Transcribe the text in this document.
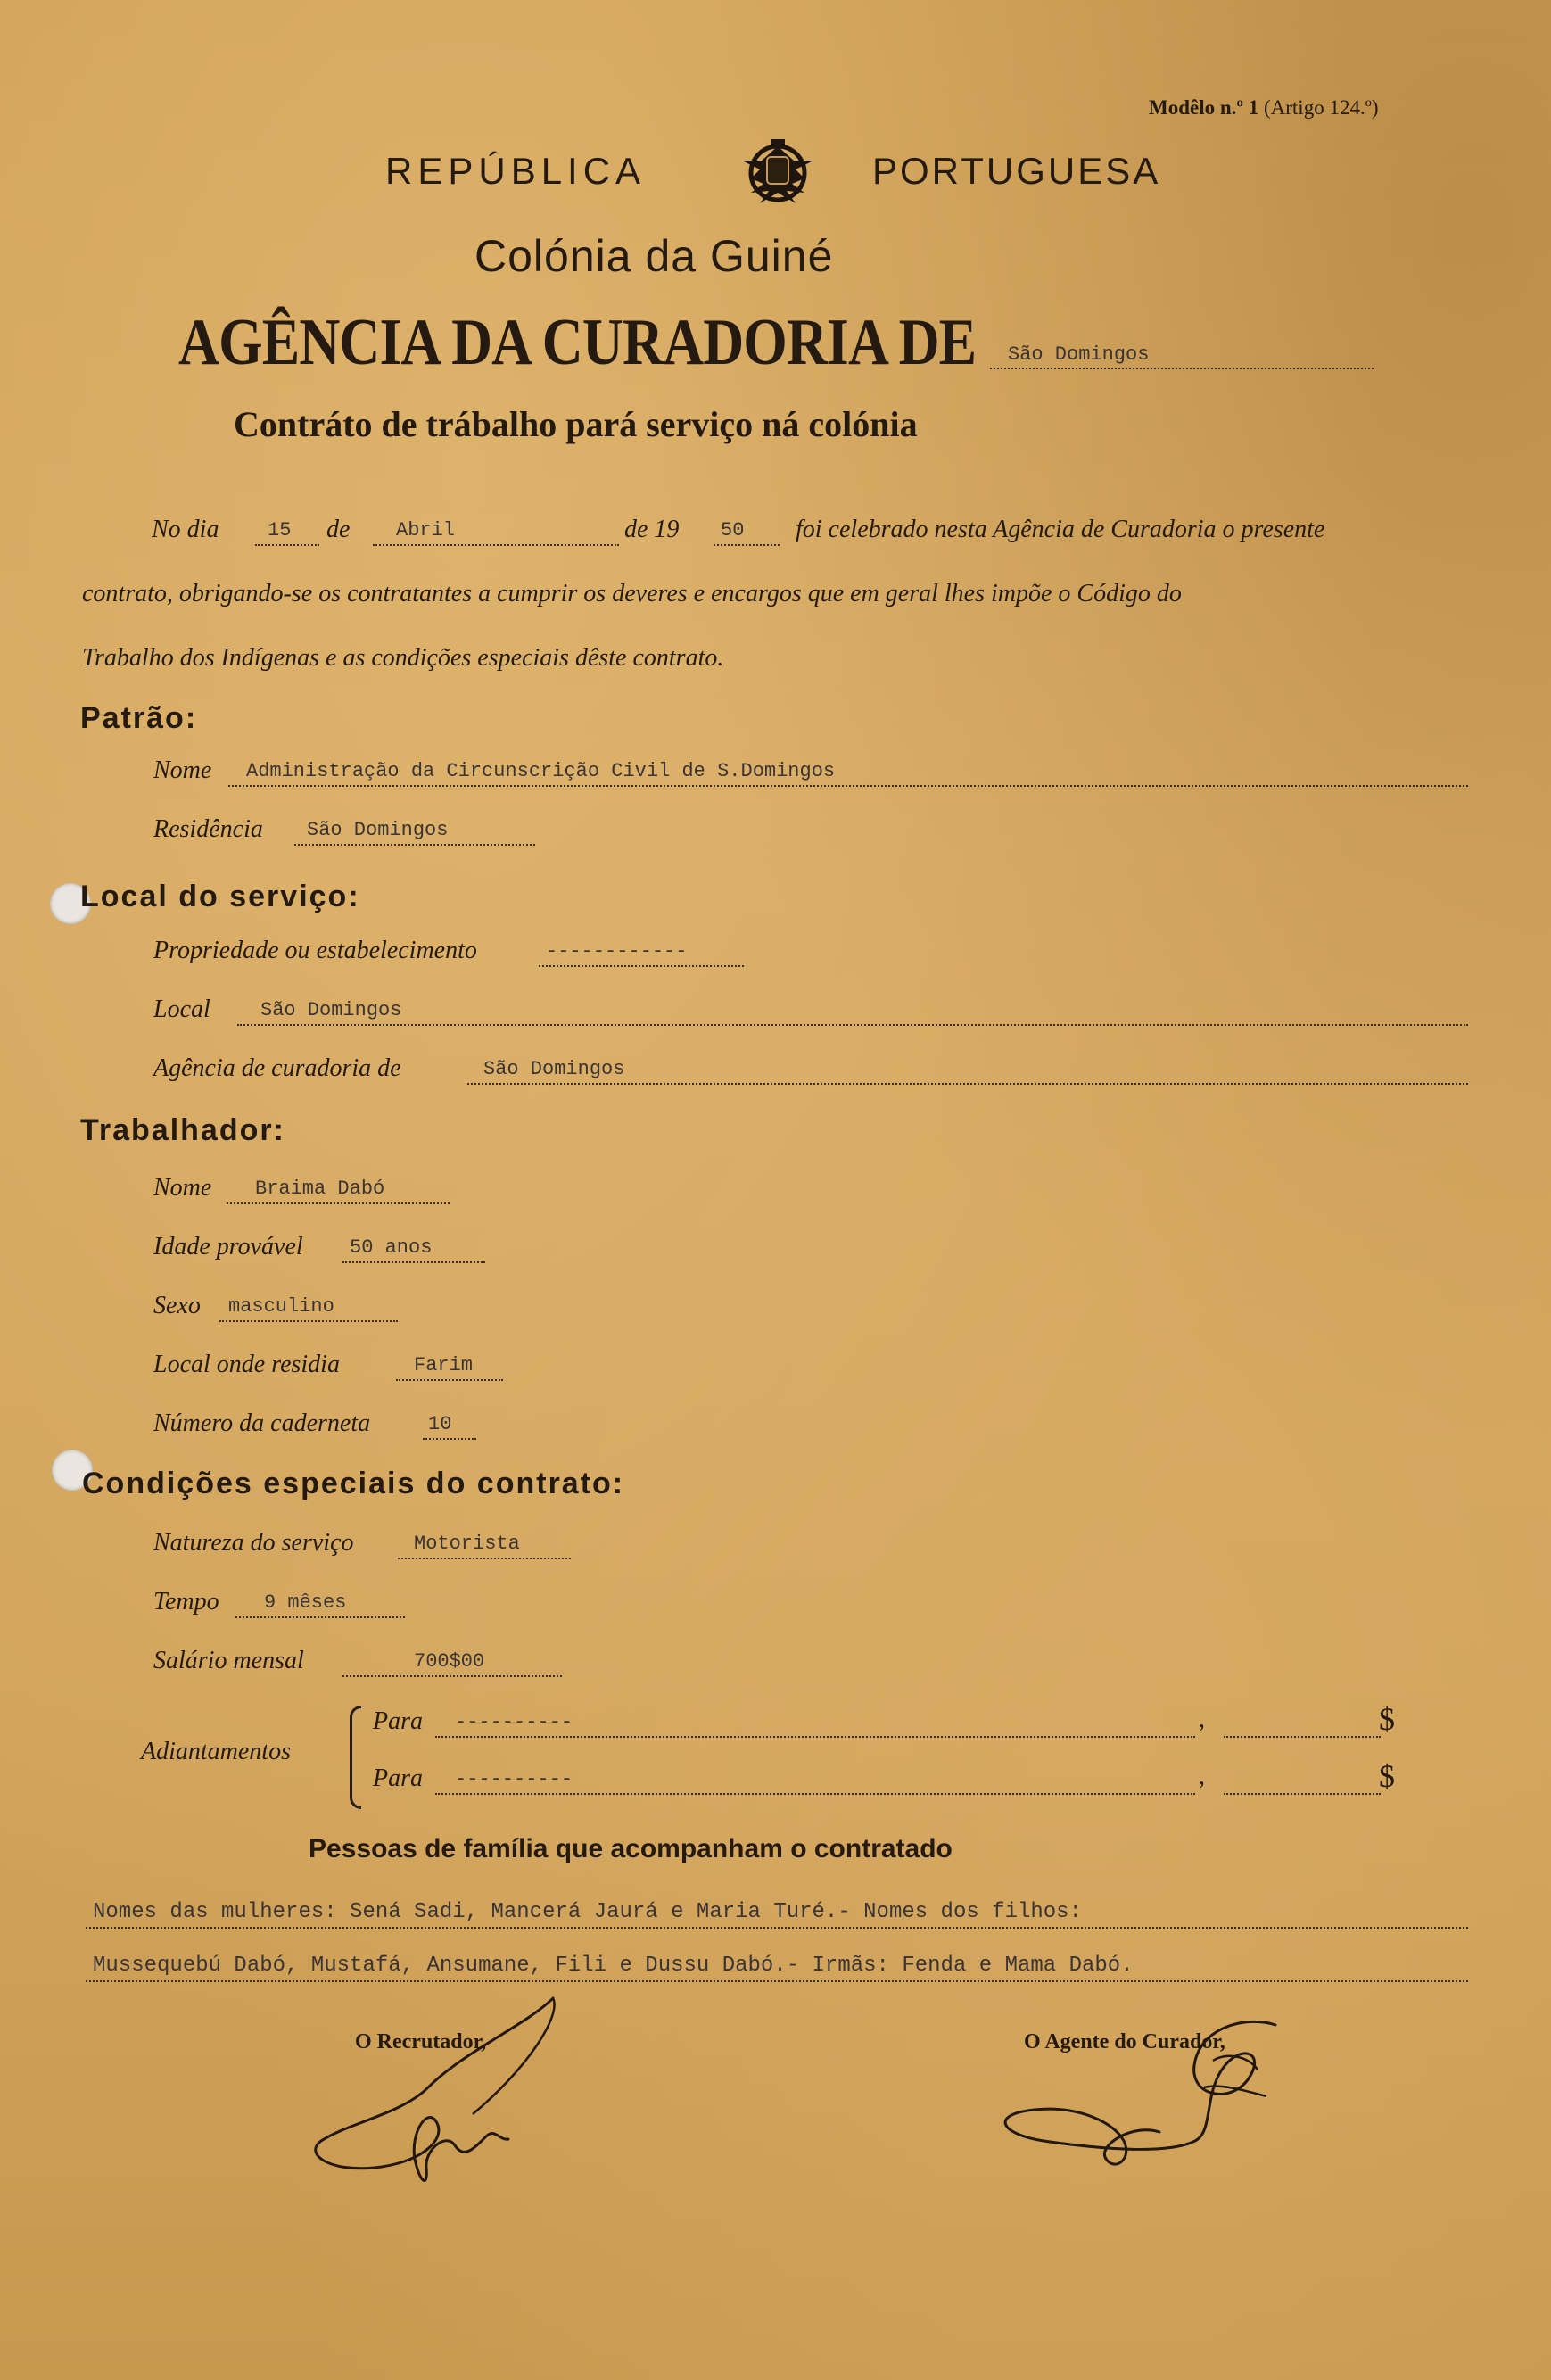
Modêlo n.º 1 (Artigo 124.º)
REPÚBLICA	PORTUGUESA
Colónia da Guiné
AGÊNCIA DA CURADORIA DE São Domingos
Contráto de trábalho pará serviço ná colónia
No dia 15 de Abril	de 19 50 foi celebrado nesta Agência de Curadoria o presente
contrato, obrigando-se os contratantes a cumprir os deveres e encargos que em geral lhes impõe o Código do
Trabalho dos Indígenas e as condições especiais dêste contrato.
Patrão:
Nome Administração da Circunscrição Civil de S.Domingos
Residência São Domingos
Local do serviço:
Propriedade ou estabelecimento	------------
Local	São Domingos
Agência de curadoria de	São Domingos
Trabalhador:
Nome Braima Dabó
Idade provável 50 anos
Sexo masculino
Local onde residia	Farim
Número da caderneta	10
Condições especiais do contrato:
Natureza do serviço	Motorista
Tempo 9 mêses
Salário mensal	700$00
Adiantamentos
Para ----------	,	$
Para ----------	,	$
Pessoas de família que acompanham o contratado
Nomes das mulheres: Sená Sadi, Mancerá Jaurá e Maria Turé.- Nomes dos filhos:
Mussequebú Dabó, Mustafá, Ansumane, Fili e Dussu Dabó.- Irmãs: Fenda e Mama Dabó.
O Recrutador,	O Agente do Curador,
